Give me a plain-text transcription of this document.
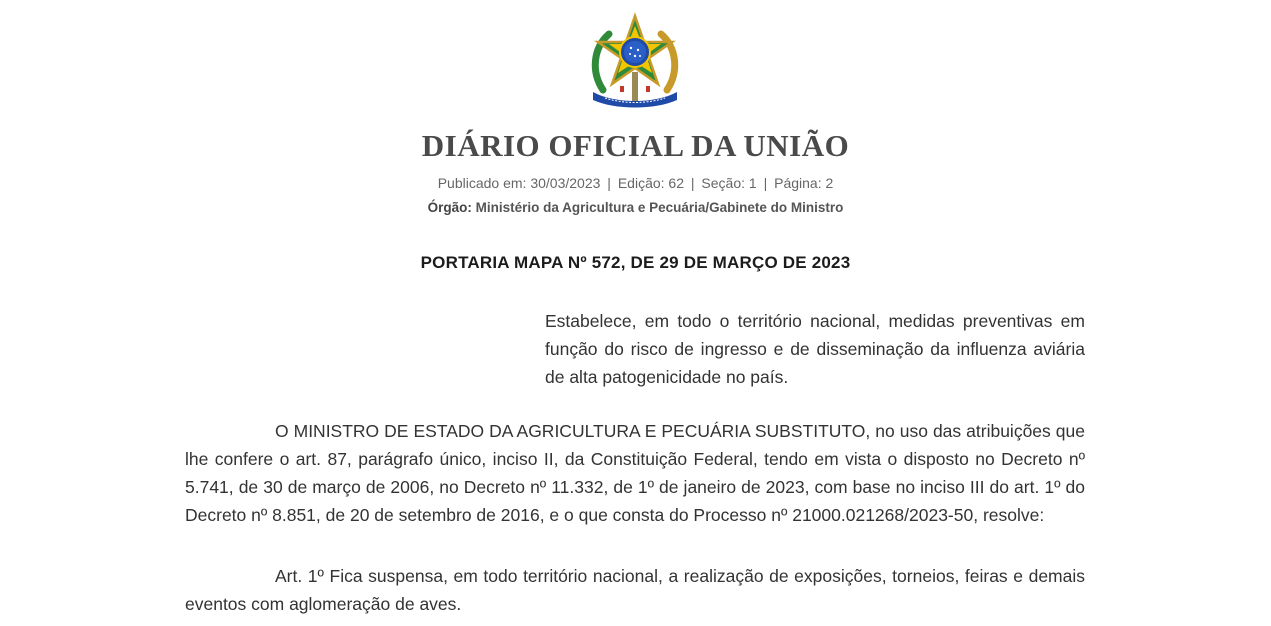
DIÁRIO OFICIAL DA UNIÃO
Publicado em: 30/03/2023 | Edição: 62 | Seção: 1 | Página: 2
Órgão: Ministério da Agricultura e Pecuária/Gabinete do Ministro
PORTARIA MAPA Nº 572, DE 29 DE MARÇO DE 2023
Estabelece, em todo o território nacional, medidas preventivas em função do risco de ingresso e de disseminação da influenza aviária de alta patogenicidade no país.

O MINISTRO DE ESTADO DA AGRICULTURA E PECUÁRIA SUBSTITUTO, no uso das atribuições que lhe confere o art. 87, parágrafo único, inciso II, da Constituição Federal, tendo em vista o disposto no Decreto nº 5.741, de 30 de março de 2006, no Decreto nº 11.332, de 1º de janeiro de 2023, com base no inciso III do art. 1º do Decreto nº 8.851, de 20 de setembro de 2016, e o que consta do Processo nº 21000.021268/2023-50, resolve:

Art. 1º Fica suspensa, em todo território nacional, a realização de exposições, torneios, feiras e demais eventos com aglomeração de aves.
